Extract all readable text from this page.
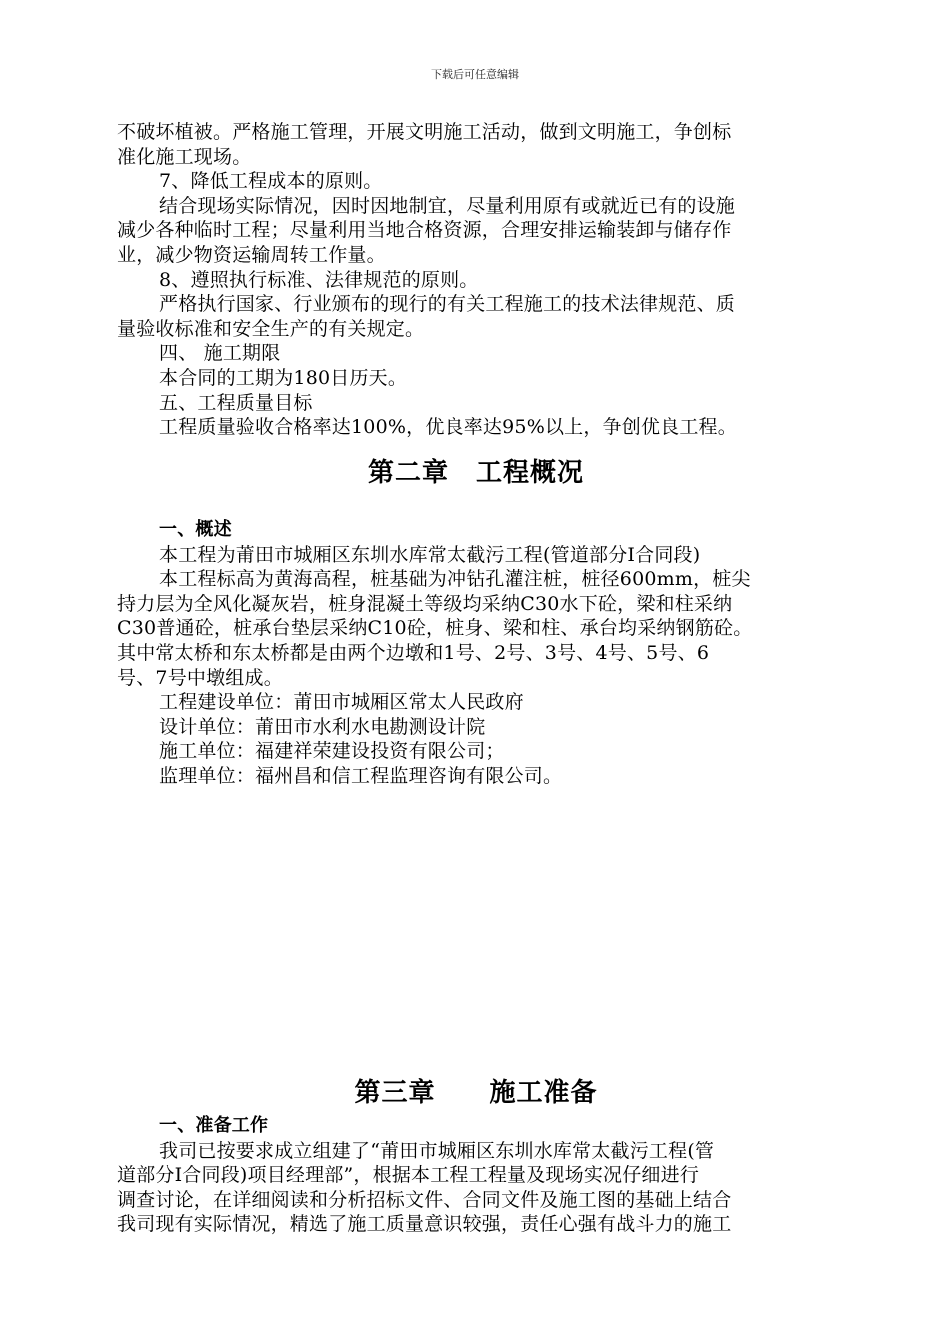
下载后可任意编辑
不破坏植被。严格施工管理，开展文明施工活动，做到文明施工，争创标
准化施工现场。
7、降低工程成本的原则。
结合现场实际情况，因时因地制宜，尽量利用原有或就近已有的设施
减少各种临时工程；尽量利用当地合格资源，合理安排运输装卸与储存作
业，减少物资运输周转工作量。
8、遵照执行标准、法律规范的原则。
严格执行国家、行业颁布的现行的有关工程施工的技术法律规范、质
量验收标准和安全生产的有关规定。
四、 施工期限
本合同的工期为180日历天。
五、工程质量目标
工程质量验收合格率达100%，优良率达95%以上，争创优良工程。
第二章　工程概况
一、概述
本工程为莆田市城厢区东圳水库常太截污工程(管道部分Ⅰ合同段)
本工程标高为黄海高程，桩基础为冲钻孔灌注桩，桩径600mm，桩尖
持力层为全风化凝灰岩，桩身混凝土等级均采纳C30水下砼，梁和柱采纳
C30普通砼，桩承台垫层采纳C10砼，桩身、梁和柱、承台均采纳钢筋砼。
其中常太桥和东太桥都是由两个边墩和1号、2号、3号、4号、5号、6
号、7号中墩组成。
工程建设单位：莆田市城厢区常太人民政府
设计单位：莆田市水利水电勘测设计院
施工单位：福建祥荣建设投资有限公司；
监理单位：福州昌和信工程监理咨询有限公司。
第三章　　施工准备
一、准备工作
我司已按要求成立组建了“莆田市城厢区东圳水库常太截污工程(管
道部分Ⅰ合同段)项目经理部”，根据本工程工程量及现场实况仔细进行
调查讨论，在详细阅读和分析招标文件、合同文件及施工图的基础上结合
我司现有实际情况，精选了施工质量意识较强，责任心强有战斗力的施工
